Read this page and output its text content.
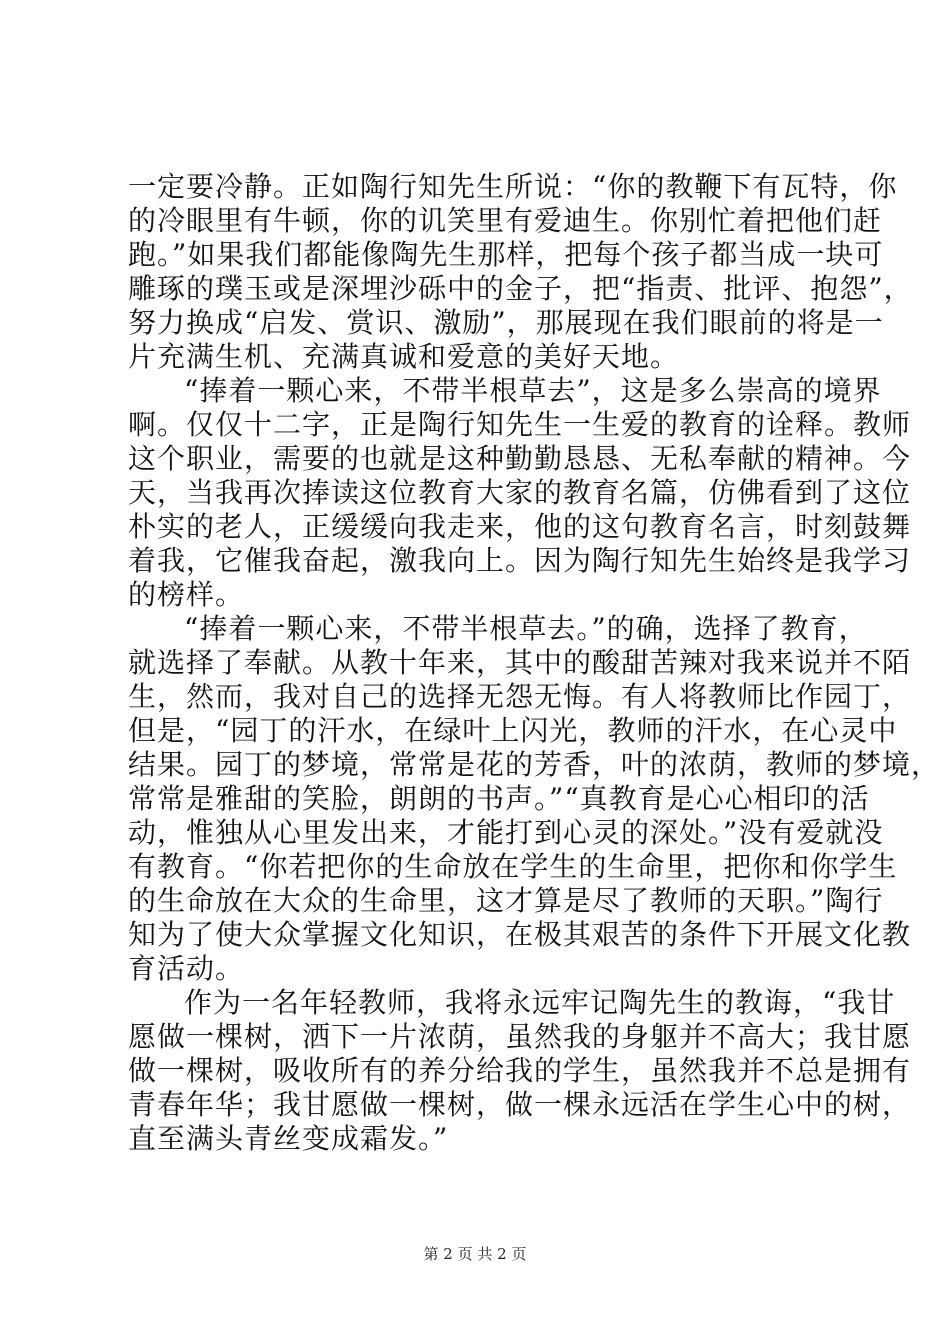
一定要冷静。正如陶行知先生所说：“你的教鞭下有瓦特，你
的冷眼里有牛顿，你的讥笑里有爱迪生。你别忙着把他们赶
跑。”如果我们都能像陶先生那样，把每个孩子都当成一块可
雕琢的璞玉或是深埋沙砾中的金子，把“指责、批评、抱怨”，
努力换成“启发、赏识、激励”，那展现在我们眼前的将是一
片充满生机、充满真诚和爱意的美好天地。
“捧着一颗心来，不带半根草去”，这是多么崇高的境界
啊。仅仅十二字，正是陶行知先生一生爱的教育的诠释。教师
这个职业，需要的也就是这种勤勤恳恳、无私奉献的精神。今
天，当我再次捧读这位教育大家的教育名篇，仿佛看到了这位
朴实的老人，正缓缓向我走来，他的这句教育名言，时刻鼓舞
着我，它催我奋起，激我向上。因为陶行知先生始终是我学习
的榜样。
“捧着一颗心来，不带半根草去。”的确，选择了教育，
就选择了奉献。从教十年来，其中的酸甜苦辣对我来说并不陌
生，然而，我对自己的选择无怨无悔。有人将教师比作园丁，
但是，“园丁的汗水，在绿叶上闪光，教师的汗水，在心灵中
结果。园丁的梦境，常常是花的芳香，叶的浓荫，教师的梦境，
常常是雅甜的笑脸，朗朗的书声。”“真教育是心心相印的活
动，惟独从心里发出来，才能打到心灵的深处。”没有爱就没
有教育。“你若把你的生命放在学生的生命里，把你和你学生
的生命放在大众的生命里，这才算是尽了教师的天职。”陶行
知为了使大众掌握文化知识，在极其艰苦的条件下开展文化教
育活动。
作为一名年轻教师，我将永远牢记陶先生的教诲，“我甘
愿做一棵树，洒下一片浓荫，虽然我的身躯并不高大；我甘愿
做一棵树，吸收所有的养分给我的学生，虽然我并不总是拥有
青春年华；我甘愿做一棵树，做一棵永远活在学生心中的树，
直至满头青丝变成霜发。”
第 2 页 共 2 页
